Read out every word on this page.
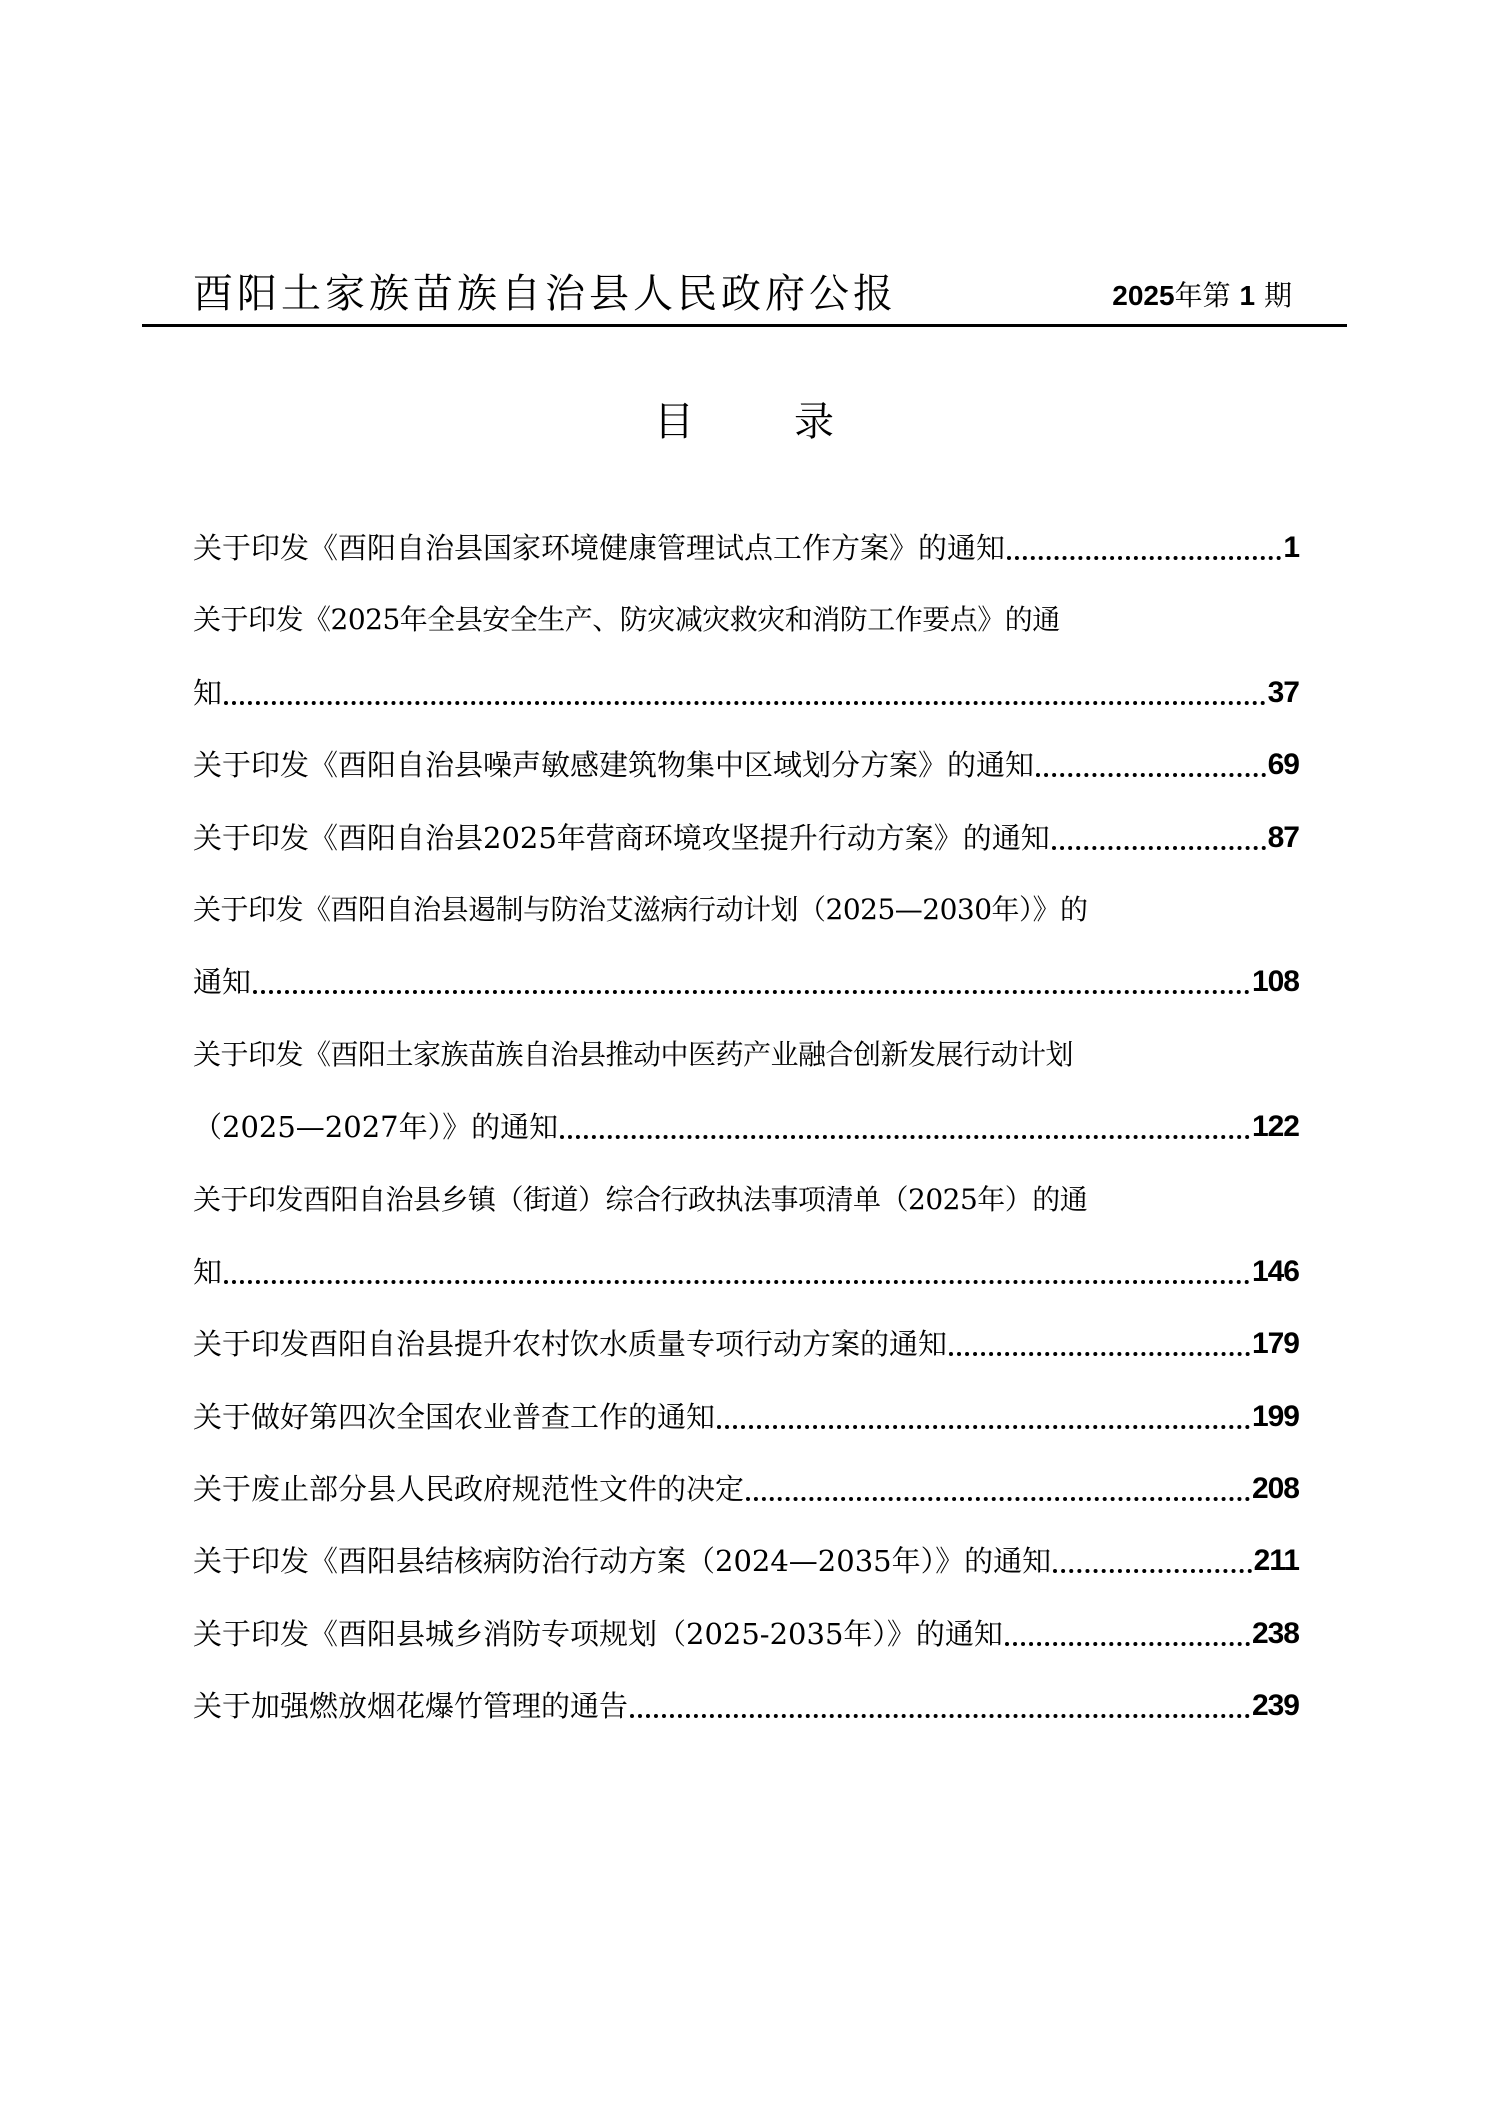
酉阳土家族苗族自治县人民政府公报	2025年第 1 期
目	录
关于印发《酉阳自治县国家环境健康管理试点工作方案》的通知	1
关于印发《2025年全县安全生产、防灾减灾救灾和消防工作要点》的通
知	37
关于印发《酉阳自治县噪声敏感建筑物集中区域划分方案》的通知	69
关于印发《酉阳自治县2025年营商环境攻坚提升行动方案》的通知	87
关于印发《酉阳自治县遏制与防治艾滋病行动计划（2025—2030年）》的
通知	108
关于印发《酉阳土家族苗族自治县推动中医药产业融合创新发展行动计划
（2025—2027年）》的通知	122
关于印发酉阳自治县乡镇（街道）综合行政执法事项清单（2025年）的通
知	146
关于印发酉阳自治县提升农村饮水质量专项行动方案的通知	179
关于做好第四次全国农业普查工作的通知	199
关于废止部分县人民政府规范性文件的决定	208
关于印发《酉阳县结核病防治行动方案（2024—2035年）》的通知	211
关于印发《酉阳县城乡消防专项规划（2025-2035年）》的通知	238
关于加强燃放烟花爆竹管理的通告	239
